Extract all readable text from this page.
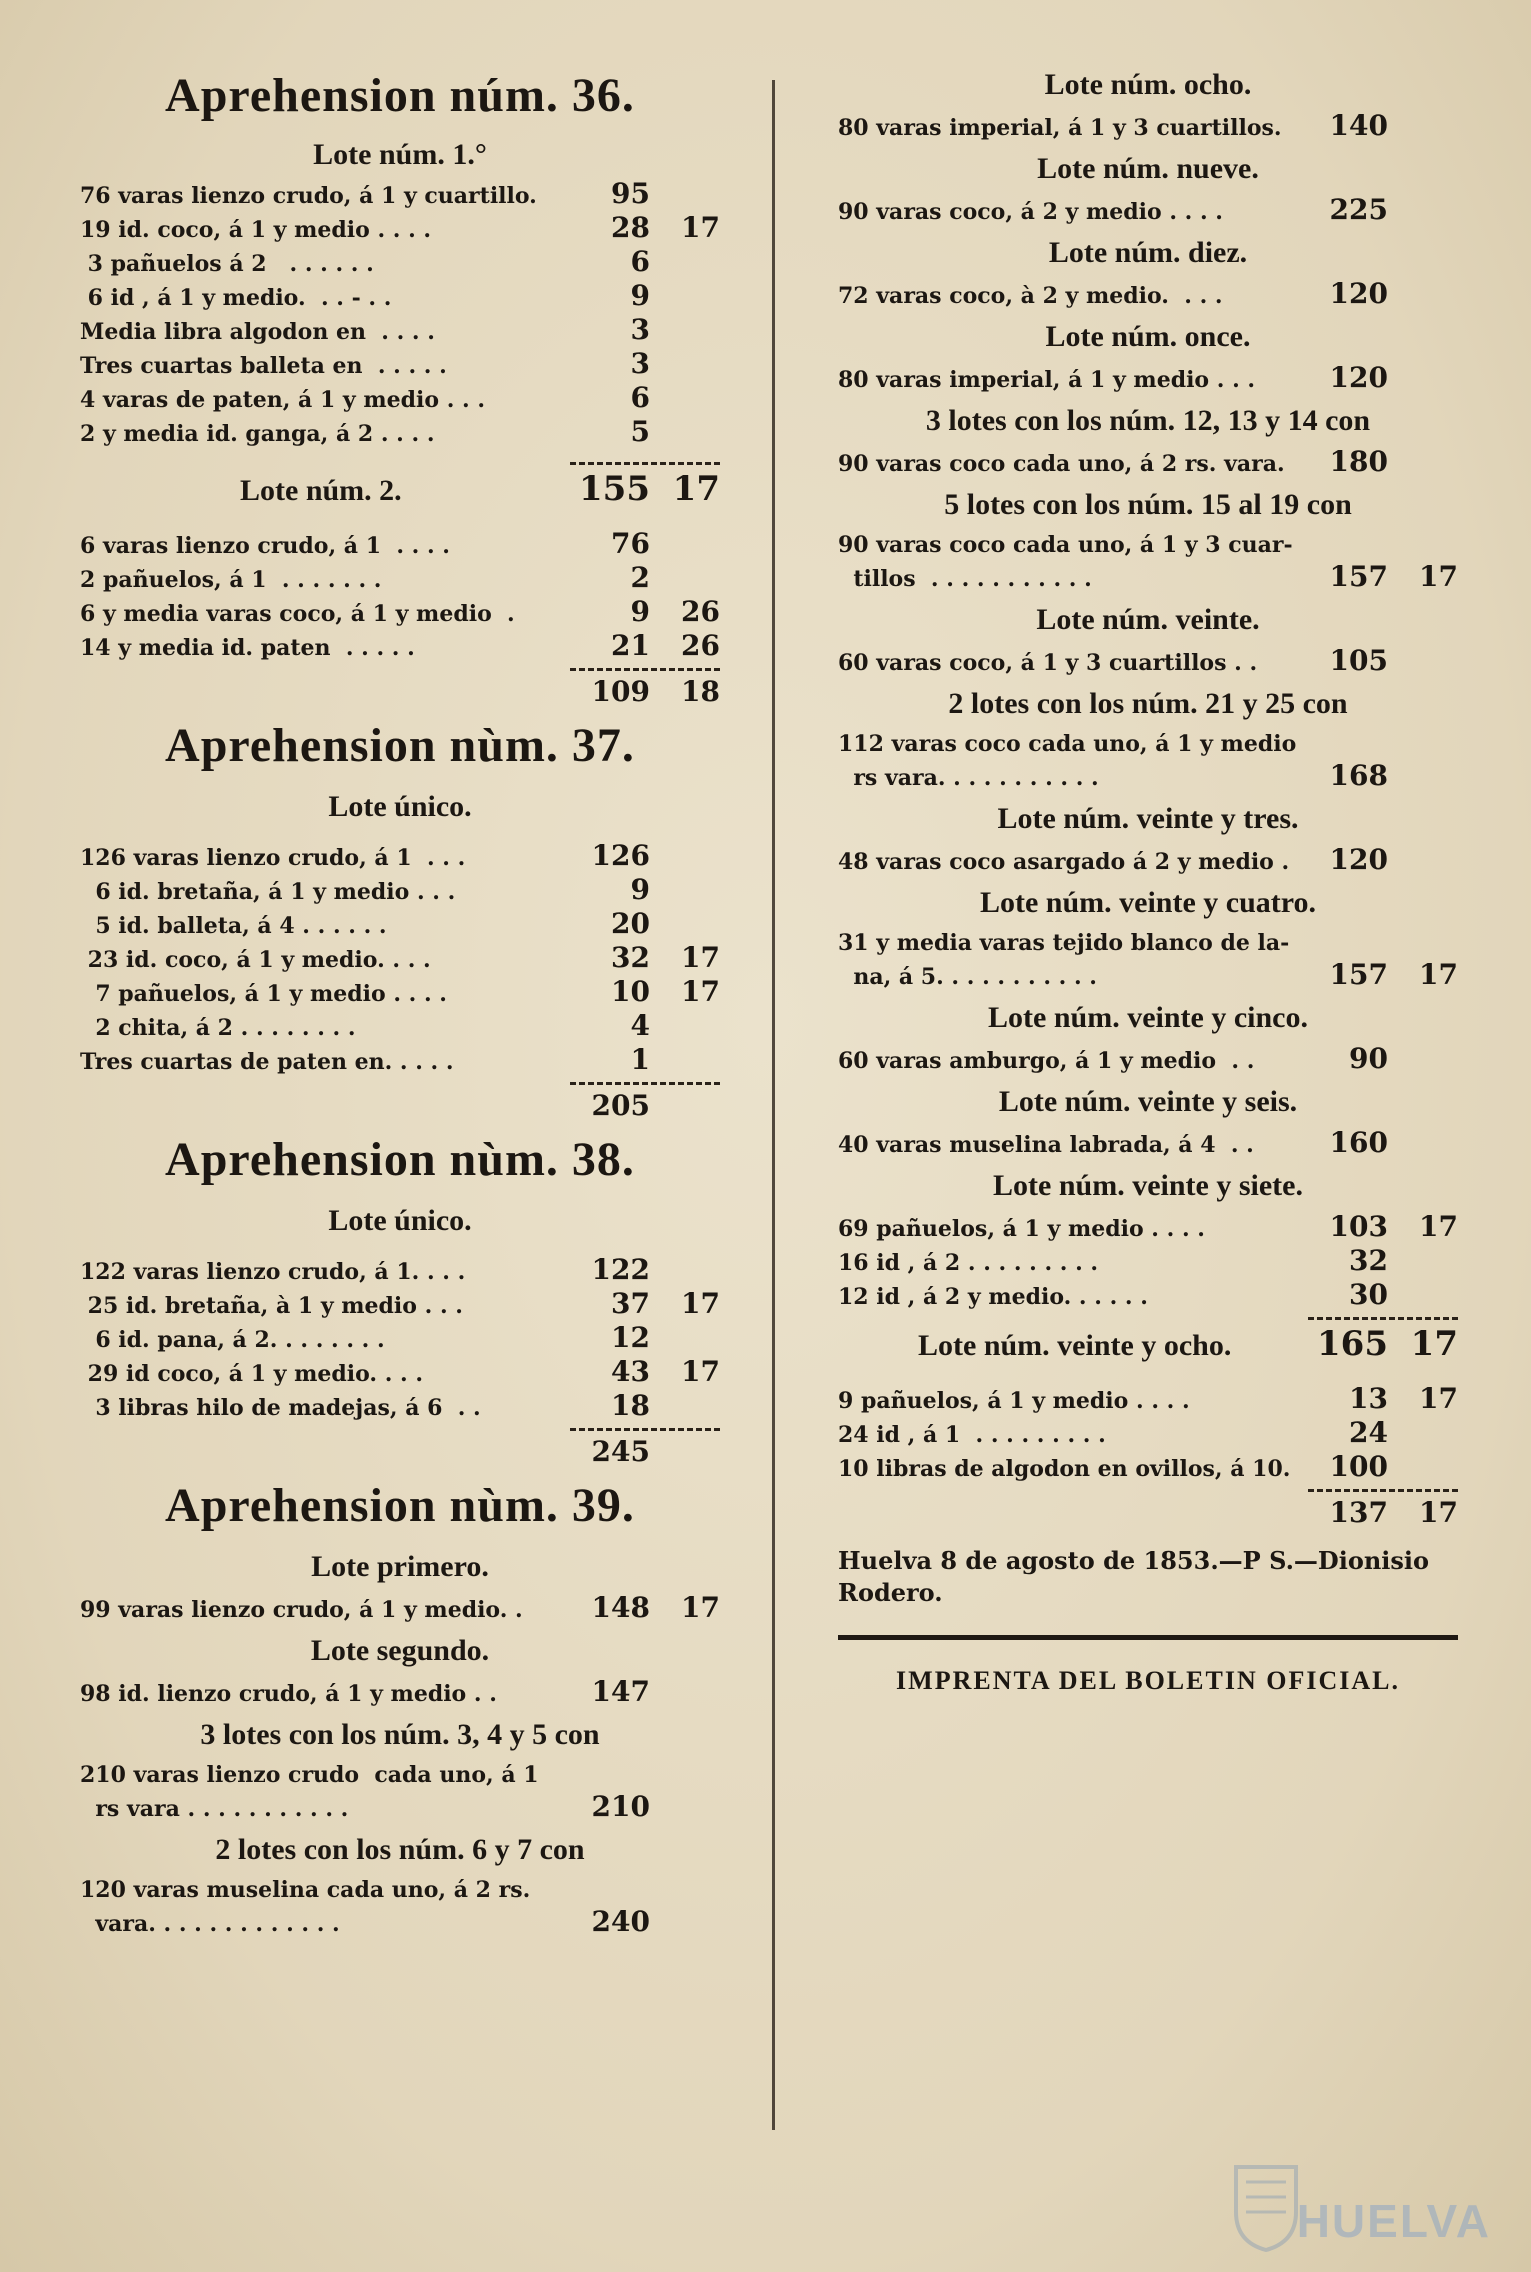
Aprehension núm. 36.
Lote núm. 1.°
76 varas lienzo crudo, á 1 y cuartillo.	95
19 id. coco, á 1 y medio . . . .	28	17
3 pañuelos á 2   . . . . . .	6
6 id , á 1 y medio.  . . - . .	9
Media libra algodon en  . . . .	3
Tres cuartas balleta en  . . . . .	3
4 varas de paten, á 1 y medio . . .	6
2 y media id. ganga, á 2 . . . .	5
Lote núm. 2.	155 17
6 varas lienzo crudo, á 1  . . . .	76
2 pañuelos, á 1  . . . . . . .	2
6 y media varas coco, á 1 y medio  .	9	26
14 y media id. paten  . . . . .	21	26
109	18
Aprehension nùm. 37.
Lote único.
126 varas lienzo crudo, á 1  . . .	126
6 id. bretaña, á 1 y medio . . .	9
5 id. balleta, á 4 . . . . . .	20
23 id. coco, á 1 y medio. . . .	32	17
7 pañuelos, á 1 y medio . . . .	10	17
2 chita, á 2 . . . . . . . .	4
Tres cuartas de paten en. . . . .	1
205
Aprehension nùm. 38.
Lote único.
122 varas lienzo crudo, á 1. . . .	122
25 id. bretaña, à 1 y medio . . .	37	17
6 id. pana, á 2. . . . . . . .	12
29 id coco, á 1 y medio. . . .	43	17
3 libras hilo de madejas, á 6  . .	18
245
Aprehension nùm. 39.
Lote primero.
99 varas lienzo crudo, á 1 y medio. .	148	17
Lote segundo.
98 id. lienzo crudo, á 1 y medio . .	147
3 lotes con los núm. 3, 4 y 5 con
210 varas lienzo crudo  cada uno, á 1
rs vara . . . . . . . . . . .	210
2 lotes con los núm. 6 y 7 con
120 varas muselina cada uno, á 2 rs.
vara. . . . . . . . . . . . .	240
Lote núm. ocho.
80 varas imperial, á 1 y 3 cuartillos.	140
Lote núm. nueve.
90 varas coco, á 2 y medio . . . .	225
Lote núm. diez.
72 varas coco, à 2 y medio.  . . .	120
Lote núm. once.
80 varas imperial, á 1 y medio . . .	120
3 lotes con los núm. 12, 13 y 14 con
90 varas coco cada uno, á 2 rs. vara.	180
5 lotes con los núm. 15 al 19 con
90 varas coco cada uno, á 1 y 3 cuar-
tillos  . . . . . . . . . . .	157	17
Lote núm. veinte.
60 varas coco, á 1 y 3 cuartillos . .	105
2 lotes con los núm. 21 y 25 con
112 varas coco cada uno, á 1 y medio
rs vara. . . . . . . . . . .	168
Lote núm. veinte y tres.
48 varas coco asargado á 2 y medio .	120
Lote núm. veinte y cuatro.
31 y media varas tejido blanco de la-
na, á 5. . . . . . . . . . .	157	17
Lote núm. veinte y cinco.
60 varas amburgo, á 1 y medio  . .	90
Lote núm. veinte y seis.
40 varas muselina labrada, á 4  . .	160
Lote núm. veinte y siete.
69 pañuelos, á 1 y medio . . . .	103	17
16 id , á 2 . . . . . . . . .	32
12 id , á 2 y medio. . . . . .	30
Lote núm. veinte y ocho.	165 17
9 pañuelos, á 1 y medio . . . .	13	17
24 id , á 1  . . . . . . . . .	24
10 libras de algodon en ovillos, á 10.	100
137	17
Huelva 8 de agosto de 1853.—P S.—Dionisio Rodero.
IMPRENTA DEL BOLETIN OFICIAL.
HUELVA
